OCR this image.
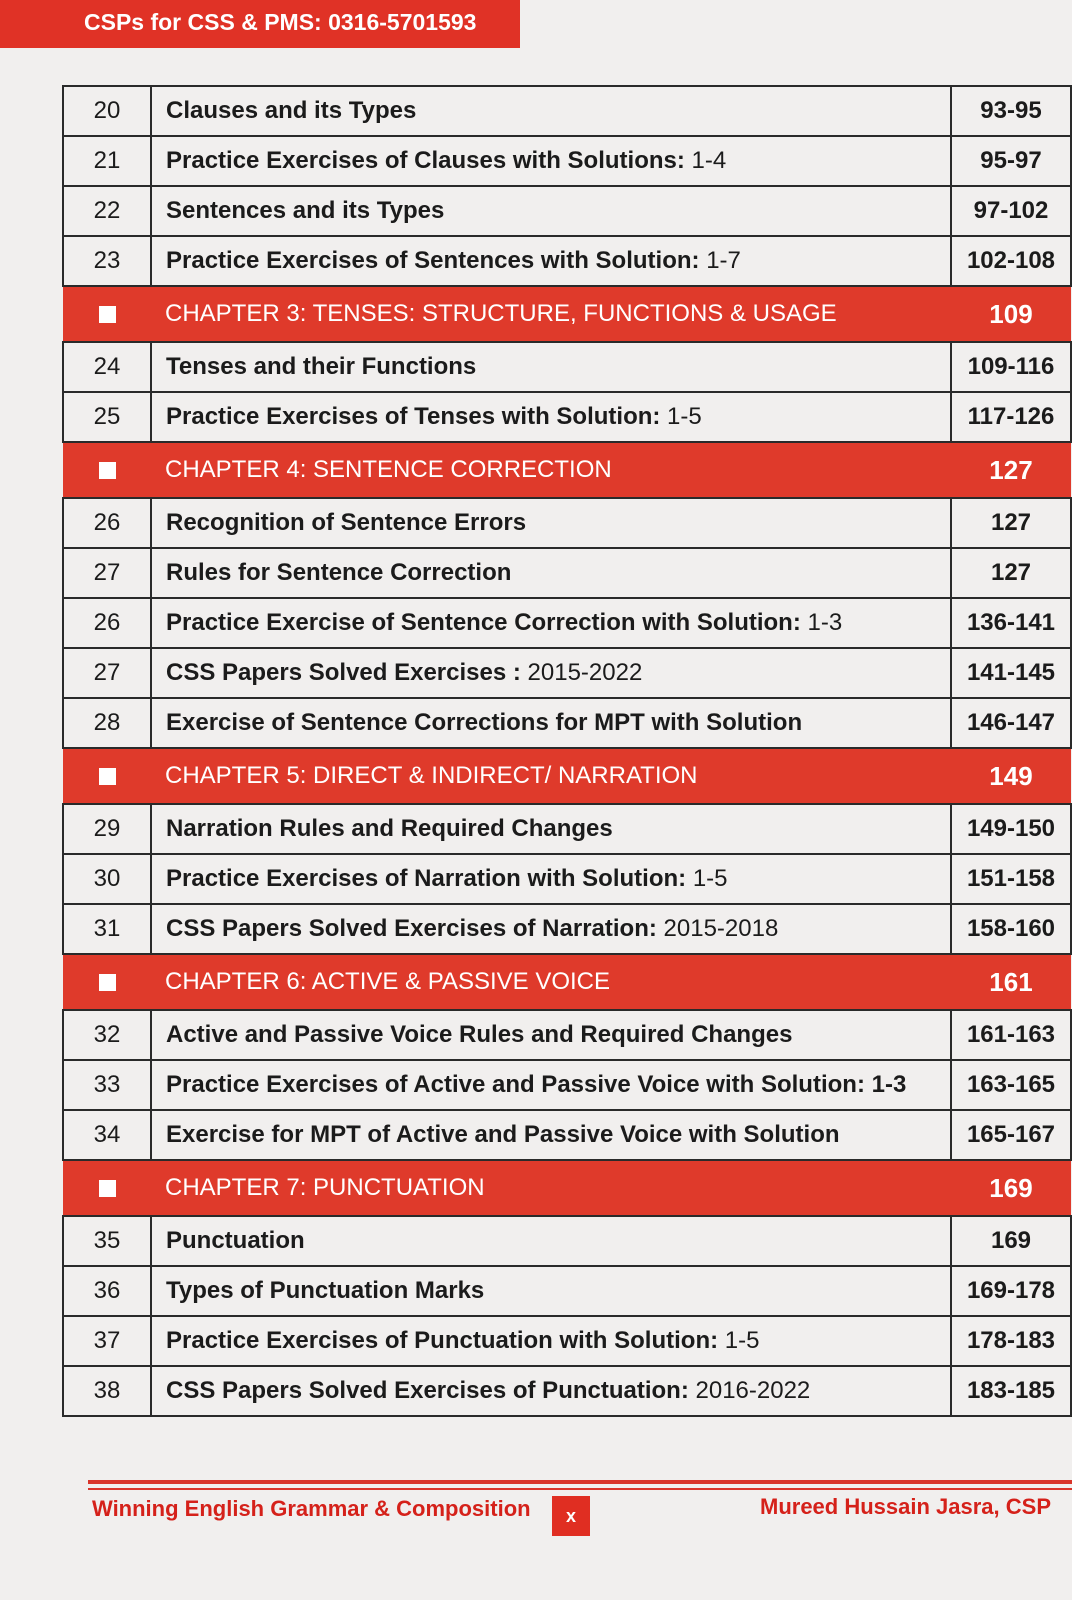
CSPs for CSS & PMS: 0316-5701593
20	Clauses and its Types	93-95
21	Practice Exercises of Clauses with Solutions: 1-4	95-97
22	Sentences and its Types	97-102
23	Practice Exercises of Sentences with Solution: 1-7	102-108
	CHAPTER 3: TENSES: STRUCTURE, FUNCTIONS & USAGE	109
24	Tenses and their Functions	109-116
25	Practice Exercises of Tenses with Solution: 1-5	117-126
	CHAPTER 4: SENTENCE CORRECTION	127
26	Recognition of Sentence Errors	127
27	Rules for Sentence Correction	127
26	Practice Exercise of Sentence Correction with Solution: 1-3	136-141
27	CSS Papers Solved Exercises : 2015-2022	141-145
28	Exercise of Sentence Corrections for MPT with Solution	146-147
	CHAPTER 5: DIRECT & INDIRECT/ NARRATION	149
29	Narration Rules and Required Changes	149-150
30	Practice Exercises of Narration with Solution: 1-5	151-158
31	CSS Papers Solved Exercises of Narration: 2015-2018	158-160
	CHAPTER 6: ACTIVE & PASSIVE VOICE	161
32	Active and Passive Voice Rules and Required Changes	161-163
33	Practice Exercises of Active and Passive Voice with Solution: 1-3	163-165
34	Exercise for MPT of Active and Passive Voice with Solution	165-167
	CHAPTER 7: PUNCTUATION	169
35	Punctuation	169
36	Types of Punctuation Marks	169-178
37	Practice Exercises of Punctuation with Solution: 1-5	178-183
38	CSS Papers Solved Exercises of Punctuation: 2016-2022	183-185
Winning English Grammar & Composition	x	Mureed Hussain Jasra, CSP
